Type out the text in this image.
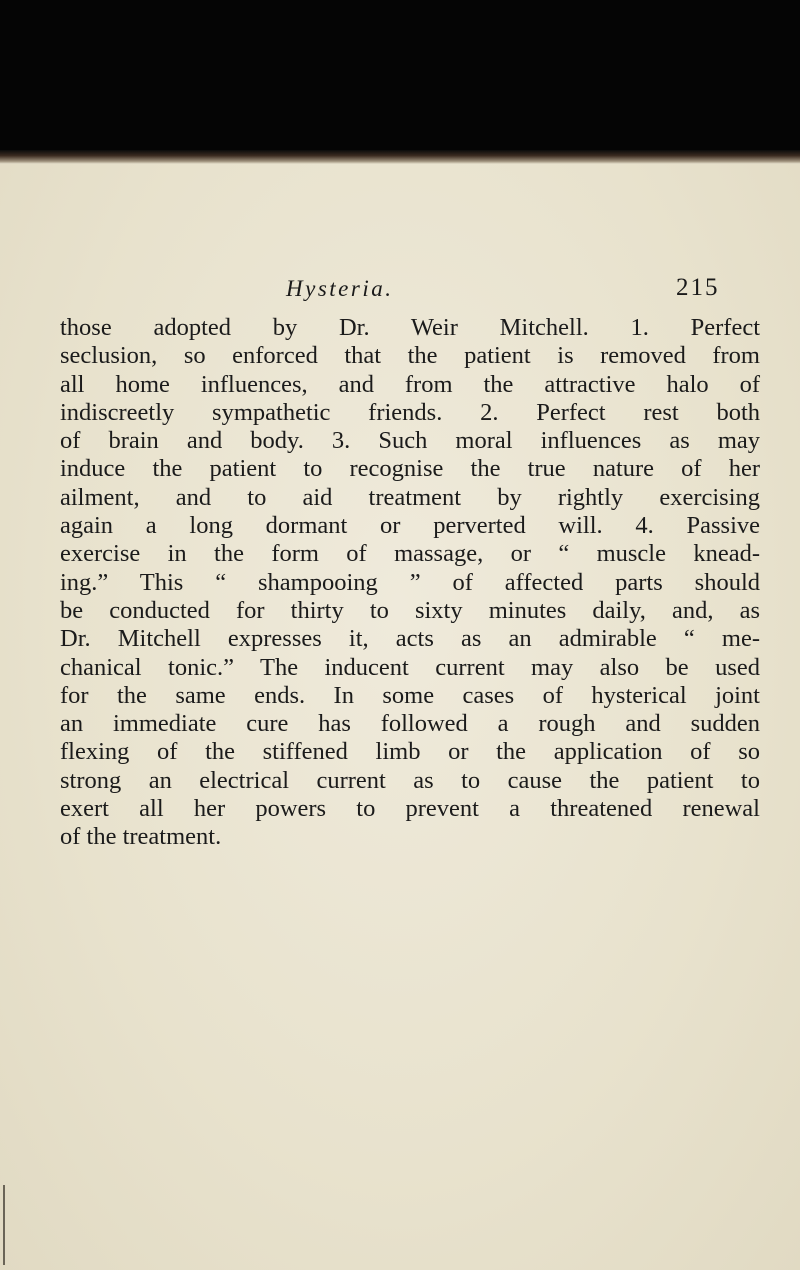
Hysteria.	215
those adopted by Dr. Weir Mitchell. 1. Perfect
seclusion, so enforced that the patient is removed from
all home influences, and from the attractive halo of
indiscreetly sympathetic friends. 2. Perfect rest both
of brain and body. 3. Such moral influences as may
induce the patient to recognise the true nature of her
ailment, and to aid treatment by rightly exercising
again a long dormant or perverted will. 4. Passive
exercise in the form of massage, or “ muscle knead-
ing.” This “ shampooing ” of affected parts should
be conducted for thirty to sixty minutes daily, and, as
Dr. Mitchell expresses it, acts as an admirable “ me-
chanical tonic.” The inducent current may also be used
for the same ends. In some cases of hysterical joint
an immediate cure has followed a rough and sudden
flexing of the stiffened limb or the application of so
strong an electrical current as to cause the patient to
exert all her powers to prevent a threatened renewal
of the treatment.
